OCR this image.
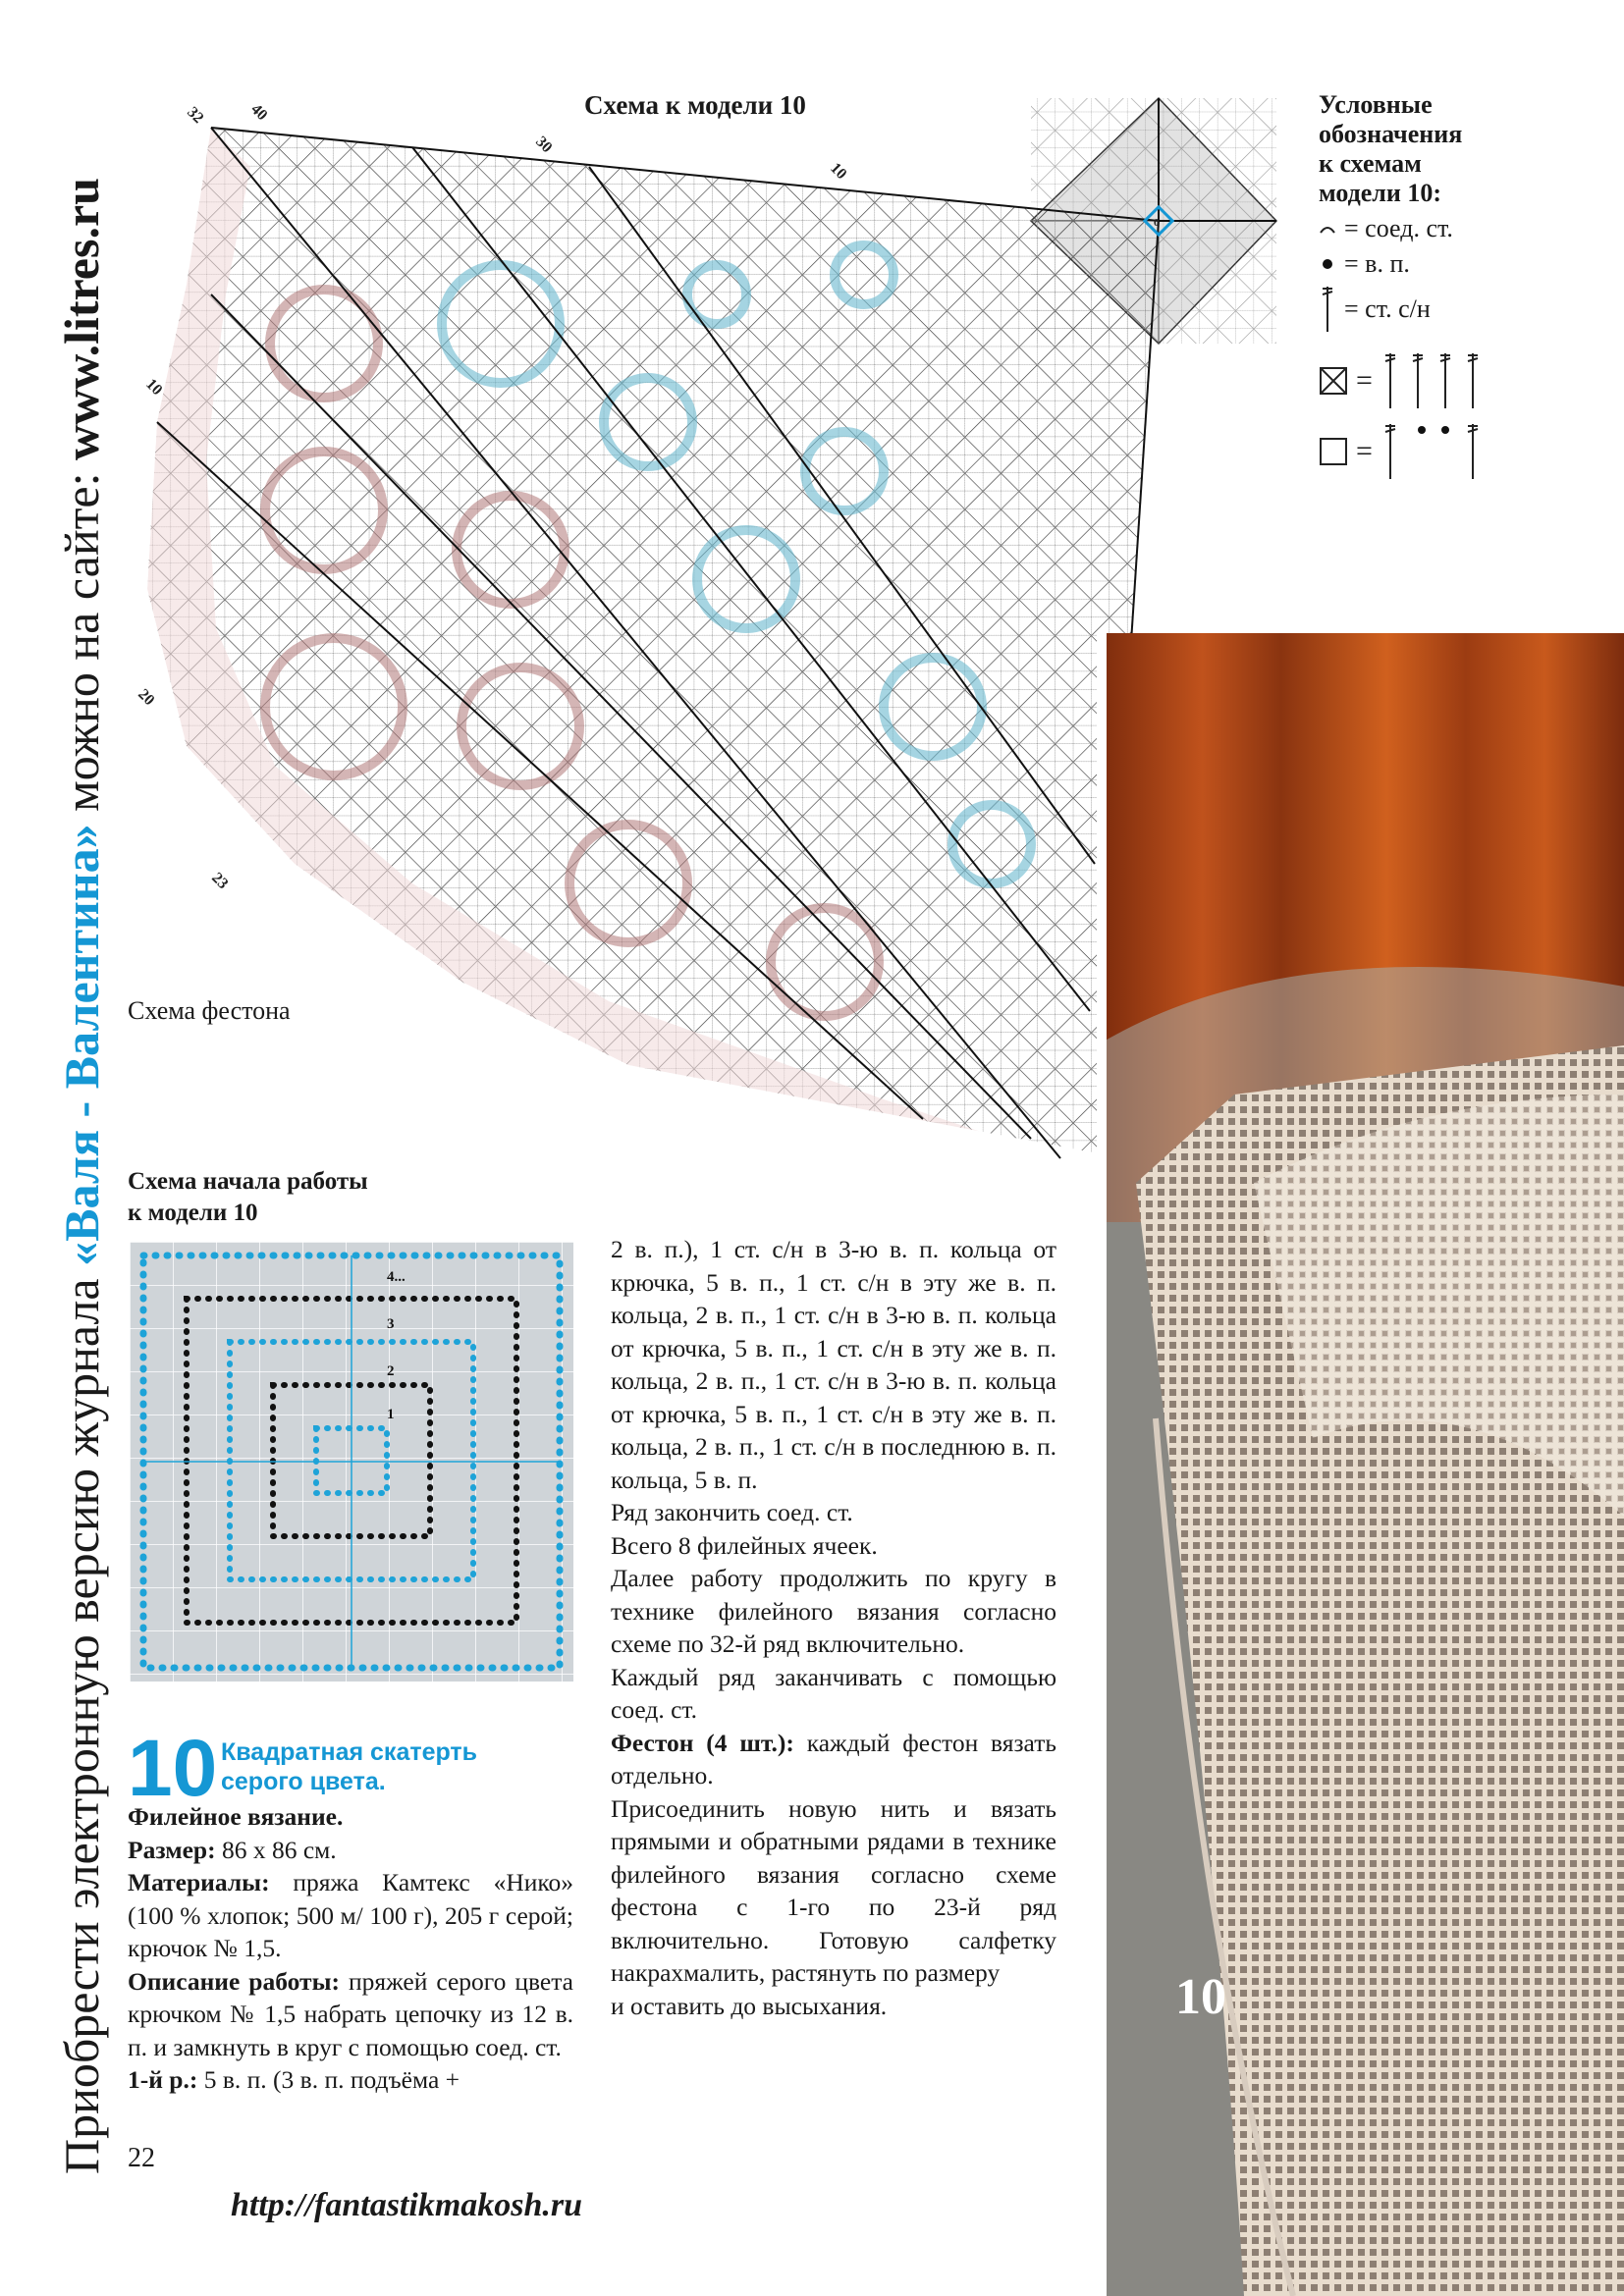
Приобрести электронную версию журнала «Валя - Валентина» можно на сайте: www.litres.ru
Схема к модели 10
32	40
30
10
0
10
20
23
Схема фестона
Условные
обозначения
к схемам
модели 10:
= соед. ст.
= в. п.
= ст. с/н
=
=
Схема начала работы
к модели 10
4...
3
2
1
10 Квадратная скатерть
серого цвета.

Филейное вязание.

Размер: 86 х 86 см.

Материалы: пряжа Камтекс «Нико» (100 % хлопок; 500 м/ 100 г), 205 г серой; крючок № 1,5.

Описание работы: пряжей серого цвета крючком № 1,5 набрать цепочку из 12 в. п. и замкнуть в круг с помощью соед. ст.

1-й р.: 5 в. п. (3 в. п. подъёма +

2 в. п.), 1 ст. с/н в 3-ю в. п. кольца от крючка, 5 в. п., 1 ст. с/н в эту же в. п. кольца, 2 в. п., 1 ст. с/н в 3-ю в. п. кольца от крючка, 5 в. п., 1 ст. с/н в эту же в. п. кольца, 2 в. п., 1 ст. с/н в 3-ю в. п. кольца от крючка, 5 в. п., 1 ст. с/н в эту же в. п. кольца, 2 в. п., 1 ст. с/н в последнюю в. п. кольца, 5 в. п.

Ряд закончить соед. ст.

Всего 8 филейных ячеек.

Далее работу продолжить по кругу в технике филейного вязания согласно схеме по 32-й ряд включительно.

Каждый ряд заканчивать с помощью соед. ст.

Фестон (4 шт.): каждый фестон вязать отдельно.

Присоединить новую нить и вязать прямыми и обратными рядами в технике филейного вязания согласно схеме фестона с 1-го по 23-й ряд включительно. Готовую салфетку накрахмалить, растянуть по размеру

и оставить до высыхания.	10
22
http://fantastikmakosh.ru
